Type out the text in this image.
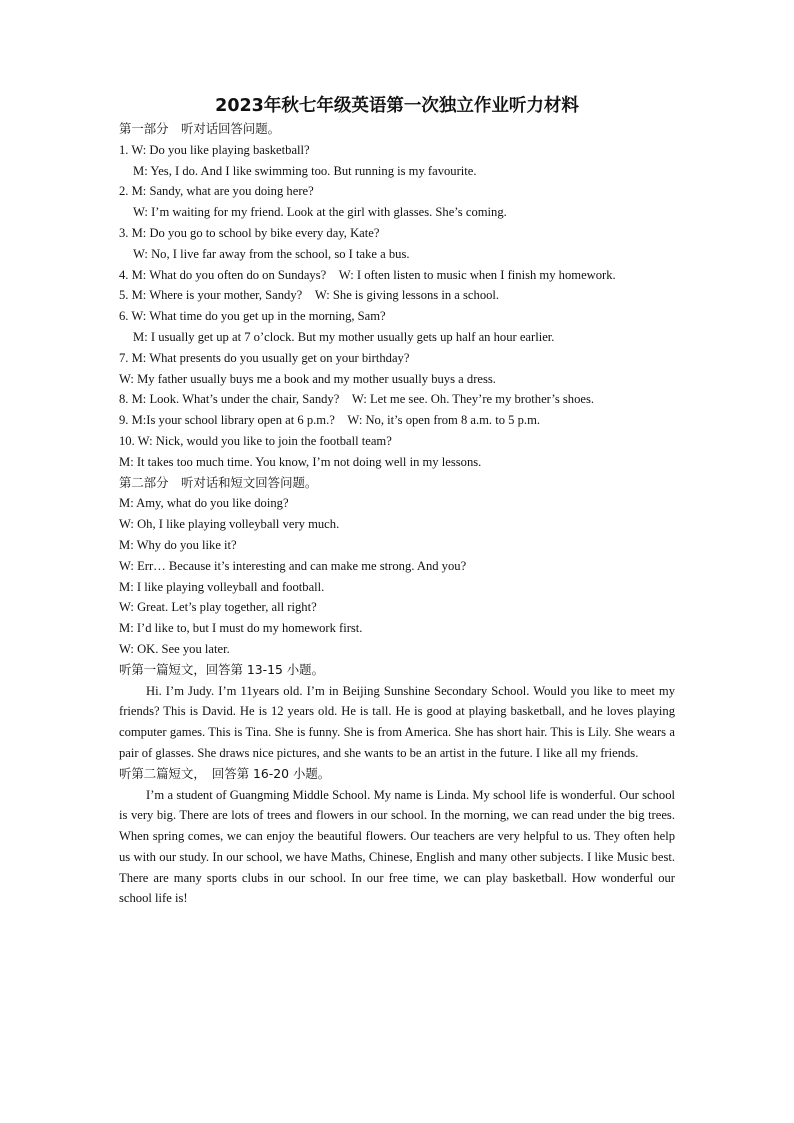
2023年秋七年级英语第一次独立作业听力材料
第一部分　听对话回答问题。
1. W: Do you like playing basketball?
M: Yes, I do. And I like swimming too. But running is my favourite.
2. M: Sandy, what are you doing here?
W: I’m waiting for my friend. Look at the girl with glasses. She’s coming.
3. M: Do you go to school by bike every day, Kate?
W: No, I live far away from the school, so I take a bus.
4. M: What do you often do on Sundays?　W: I often listen to music when I finish my homework.
5. M: Where is your mother, Sandy?　W: She is giving lessons in a school.
6. W: What time do you get up in the morning, Sam?
M: I usually get up at 7 o’clock. But my mother usually gets up half an hour earlier.
7. M: What presents do you usually get on your birthday?
W: My father usually buys me a book and my mother usually buys a dress.
8. M: Look. What’s under the chair, Sandy?　W: Let me see. Oh. They’re my brother’s shoes.
9. M:Is your school library open at 6 p.m.?　W: No, it’s open from 8 a.m. to 5 p.m.
10. W: Nick, would you like to join the football team?
M: It takes too much time. You know, I’m not doing well in my lessons.
第二部分　听对话和短文回答问题。
M: Amy, what do you like doing?
W: Oh, I like playing volleyball very much.
M: Why do you like it?
W: Err… Because it’s interesting and can make me strong. And you?
M: I like playing volleyball and football.
W: Great. Let’s play together, all right?
M: I’d like to, but I must do my homework first.
W: OK. See you later.
听第一篇短文，回答第 13-15 小题。

Hi. I’m Judy. I’m 11years old. I’m in Beijing Sunshine Secondary School. Would you like to meet my friends? This is David. He is 12 years old. He is tall. He is good at playing basketball, and he loves playing computer games. This is Tina. She is funny. She is from America. She has short hair. This is Lily. She wears a pair of glasses. She draws nice pictures, and she wants to be an artist in the future. I like all my friends.

听第二篇短文，　回答第 16-20 小题。

I’m a student of Guangming Middle School. My name is Linda. My school life is wonderful. Our school is very big. There are lots of trees and flowers in our school. In the morning, we can read under the big trees. When spring comes, we can enjoy the beautiful flowers. Our teachers are very helpful to us. They often help us with our study. In our school, we have Maths, Chinese, English and many other subjects. I like Music best. There are many sports clubs in our school. In our free time, we can play basketball. How wonderful our school life is!
